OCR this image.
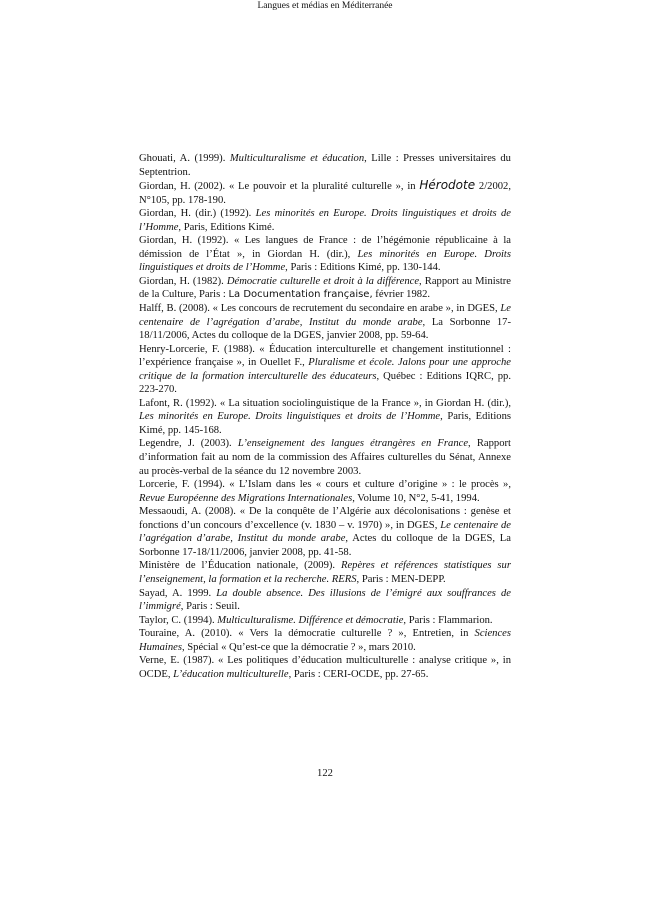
Langues et médias en Méditerranée

Ghouati, A. (1999). Multiculturalisme et éducation, Lille : Presses universitaires du Septentrion.

Giordan, H. (2002). « Le pouvoir et la pluralité culturelle », in Hérodote 2/2002, N°105, pp. 178-190.

Giordan, H. (dir.) (1992). Les minorités en Europe. Droits linguistiques et droits de l’Homme, Paris, Editions Kimé.

Giordan, H. (1992). « Les langues de France : de l’hégémonie républicaine à la démission de l’État », in Giordan H. (dir.), Les minorités en Europe. Droits linguistiques et droits de l’Homme, Paris : Editions Kimé, pp. 130-144.

Giordan, H. (1982). Démocratie culturelle et droit à la différence, Rapport au Ministre de la Culture, Paris : La Documentation française, février 1982.

Halff, B. (2008). « Les concours de recrutement du secondaire en arabe », in DGES, Le centenaire de l’agrégation d’arabe, Institut du monde arabe, La Sorbonne 17-18/11/2006, Actes du colloque de la DGES, janvier 2008, pp. 59-64.

Henry-Lorcerie, F. (1988). « Éducation interculturelle et changement institutionnel : l’expérience française », in Ouellet F., Pluralisme et école. Jalons pour une approche critique de la formation interculturelle des éducateurs, Québec : Editions IQRC, pp. 223-270.

Lafont, R. (1992). « La situation sociolinguistique de la France », in Giordan H. (dir.), Les minorités en Europe. Droits linguistiques et droits de l’Homme, Paris, Editions Kimé, pp. 145-168.

Legendre, J. (2003). L’enseignement des langues étrangères en France, Rapport d’information fait au nom de la commission des Affaires culturelles du Sénat, Annexe au procès-verbal de la séance du 12 novembre 2003.

Lorcerie, F. (1994). « L’Islam dans les « cours et culture d’origine » : le procès », Revue Européenne des Migrations Internationales, Volume 10, N°2, 5-41, 1994.

Messaoudi, A. (2008). « De la conquête de l’Algérie aux décolonisations : genèse et fonctions d’un concours d’excellence (v. 1830 – v. 1970) », in DGES, Le centenaire de l’agrégation d’arabe, Institut du monde arabe, Actes du colloque de la DGES, La Sorbonne 17-18/11/2006, janvier 2008, pp. 41-58.

Ministère de l’Éducation nationale, (2009). Repères et références statistiques sur l’enseignement, la formation et la recherche. RERS, Paris : MEN-DEPP.

Sayad, A. 1999. La double absence. Des illusions de l’émigré aux souffrances de l’immigré, Paris : Seuil.

Taylor, C. (1994). Multiculturalisme. Différence et démocratie, Paris : Flammarion.

Touraine, A. (2010). « Vers la démocratie culturelle ? », Entretien, in Sciences Humaines, Spécial « Qu’est-ce que la démocratie ? », mars 2010.

Verne, E. (1987). « Les politiques d’éducation multiculturelle : analyse critique », in OCDE, L’éducation multiculturelle, Paris : CERI-OCDE, pp. 27-65.

122
